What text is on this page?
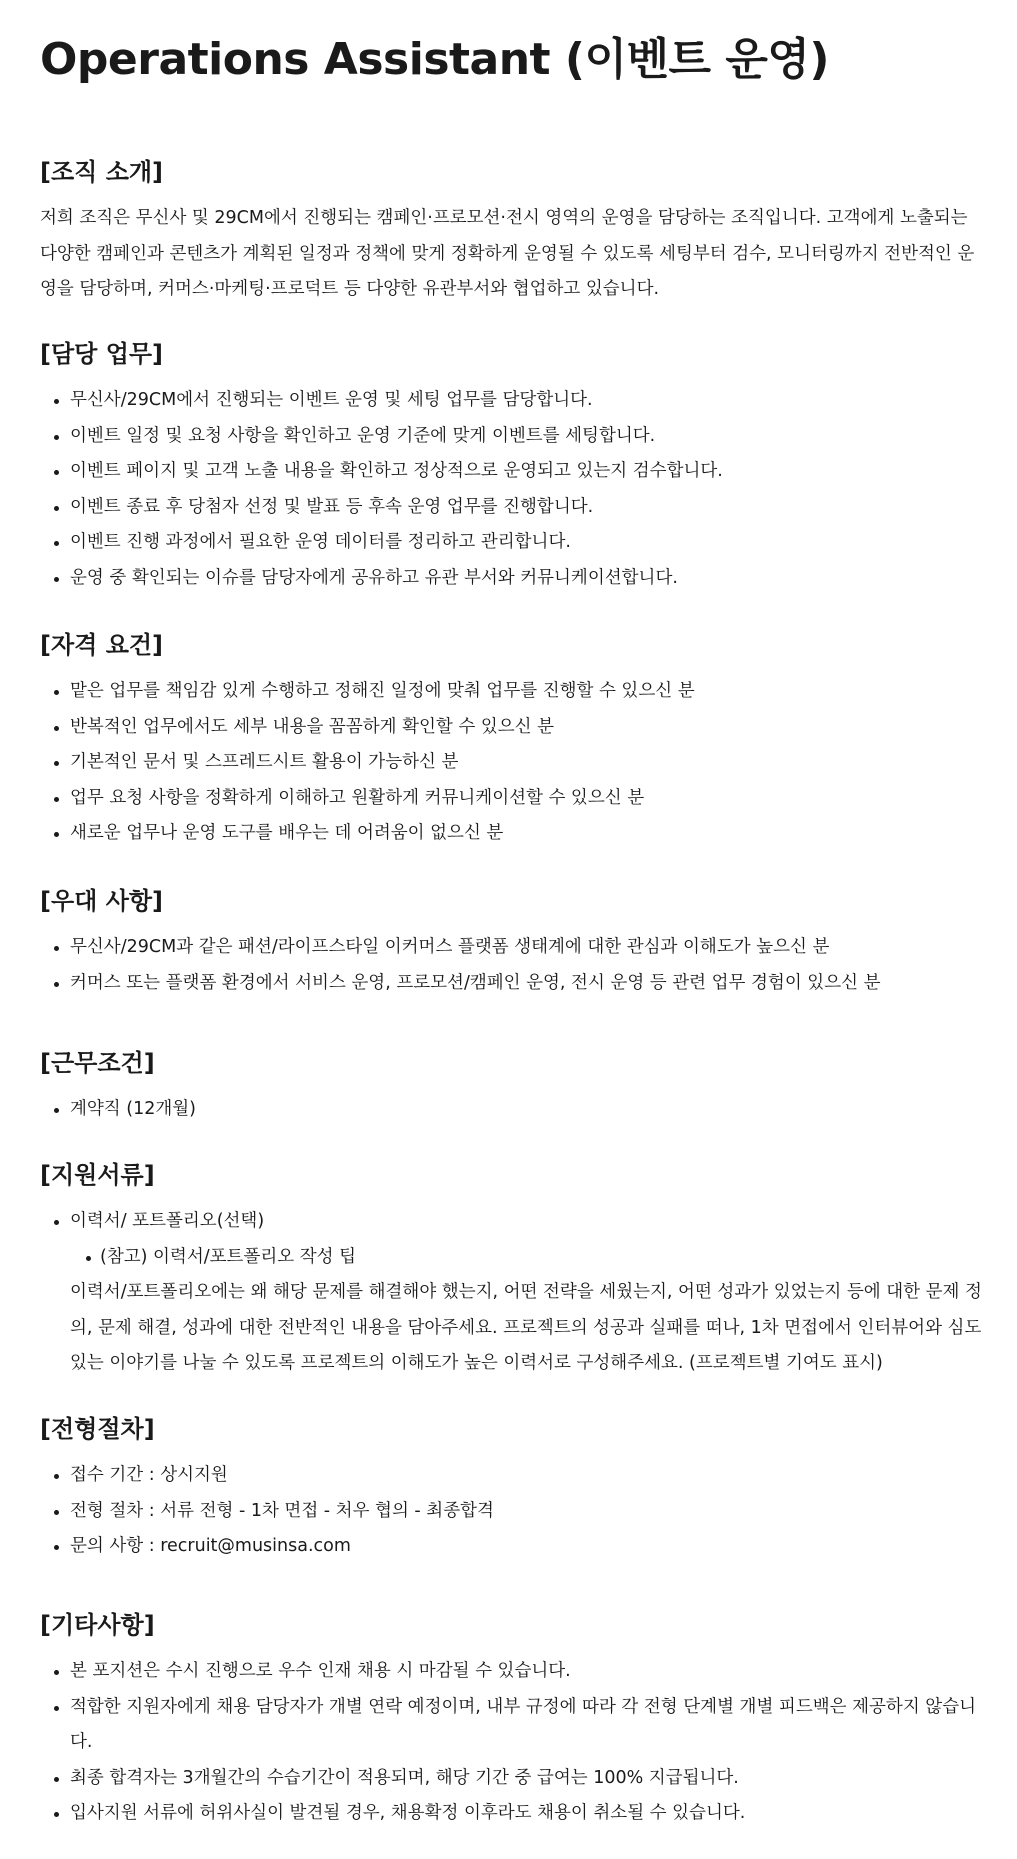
Operations Assistant (이벤트 운영)
[조직 소개]

저희 조직은 무신사 및 29CM에서 진행되는 캠페인·프로모션·전시 영역의 운영을 담당하는 조직입니다. 고객에게 노출되는 다양한 캠페인과 콘텐츠가 계획된 일정과 정책에 맞게 정확하게 운영될 수 있도록 세팅부터 검수, 모니터링까지 전반적인 운영을 담당하며, 커머스·마케팅·프로덕트 등 다양한 유관부서와 협업하고 있습니다.

[담당 업무]
무신사/29CM에서 진행되는 이벤트 운영 및 세팅 업무를 담당합니다.
이벤트 일정 및 요청 사항을 확인하고 운영 기준에 맞게 이벤트를 세팅합니다.
이벤트 페이지 및 고객 노출 내용을 확인하고 정상적으로 운영되고 있는지 검수합니다.
이벤트 종료 후 당첨자 선정 및 발표 등 후속 운영 업무를 진행합니다.
이벤트 진행 과정에서 필요한 운영 데이터를 정리하고 관리합니다.
운영 중 확인되는 이슈를 담당자에게 공유하고 유관 부서와 커뮤니케이션합니다.
[자격 요건]
맡은 업무를 책임감 있게 수행하고 정해진 일정에 맞춰 업무를 진행할 수 있으신 분
반복적인 업무에서도 세부 내용을 꼼꼼하게 확인할 수 있으신 분
기본적인 문서 및 스프레드시트 활용이 가능하신 분
업무 요청 사항을 정확하게 이해하고 원활하게 커뮤니케이션할 수 있으신 분
새로운 업무나 운영 도구를 배우는 데 어려움이 없으신 분
[우대 사항]
무신사/29CM과 같은 패션/라이프스타일 이커머스 플랫폼 생태계에 대한 관심과 이해도가 높으신 분
커머스 또는 플랫폼 환경에서 서비스 운영, 프로모션/캠페인 운영, 전시 운영 등 관련 업무 경험이 있으신 분
[근무조건]
계약직 (12개월)
[지원서류]
이력서/ 포트폴리오(선택)
(참고) 이력서/포트폴리오 작성 팁

이력서/포트폴리오에는 왜 해당 문제를 해결해야 했는지, 어떤 전략을 세웠는지, 어떤 성과가 있었는지 등에 대한 문제 정의, 문제 해결, 성과에 대한 전반적인 내용을 담아주세요. 프로젝트의 성공과 실패를 떠나, 1차 면접에서 인터뷰어와 심도있는 이야기를 나눌 수 있도록 프로젝트의 이해도가 높은 이력서로 구성해주세요. (프로젝트별 기여도 표시)

[전형절차]
접수 기간 : 상시지원
전형 절차 : 서류 전형 - 1차 면접 - 처우 협의 - 최종합격
문의 사항 : recruit@musinsa.com
[기타사항]
본 포지션은 수시 진행으로 우수 인재 채용 시 마감될 수 있습니다.
적합한 지원자에게 채용 담당자가 개별 연락 예정이며, 내부 규정에 따라 각 전형 단계별 개별 피드백은 제공하지 않습니다.
최종 합격자는 3개월간의 수습기간이 적용되며, 해당 기간 중 급여는 100% 지급됩니다.
입사지원 서류에 허위사실이 발견될 경우, 채용확정 이후라도 채용이 취소될 수 있습니다.
